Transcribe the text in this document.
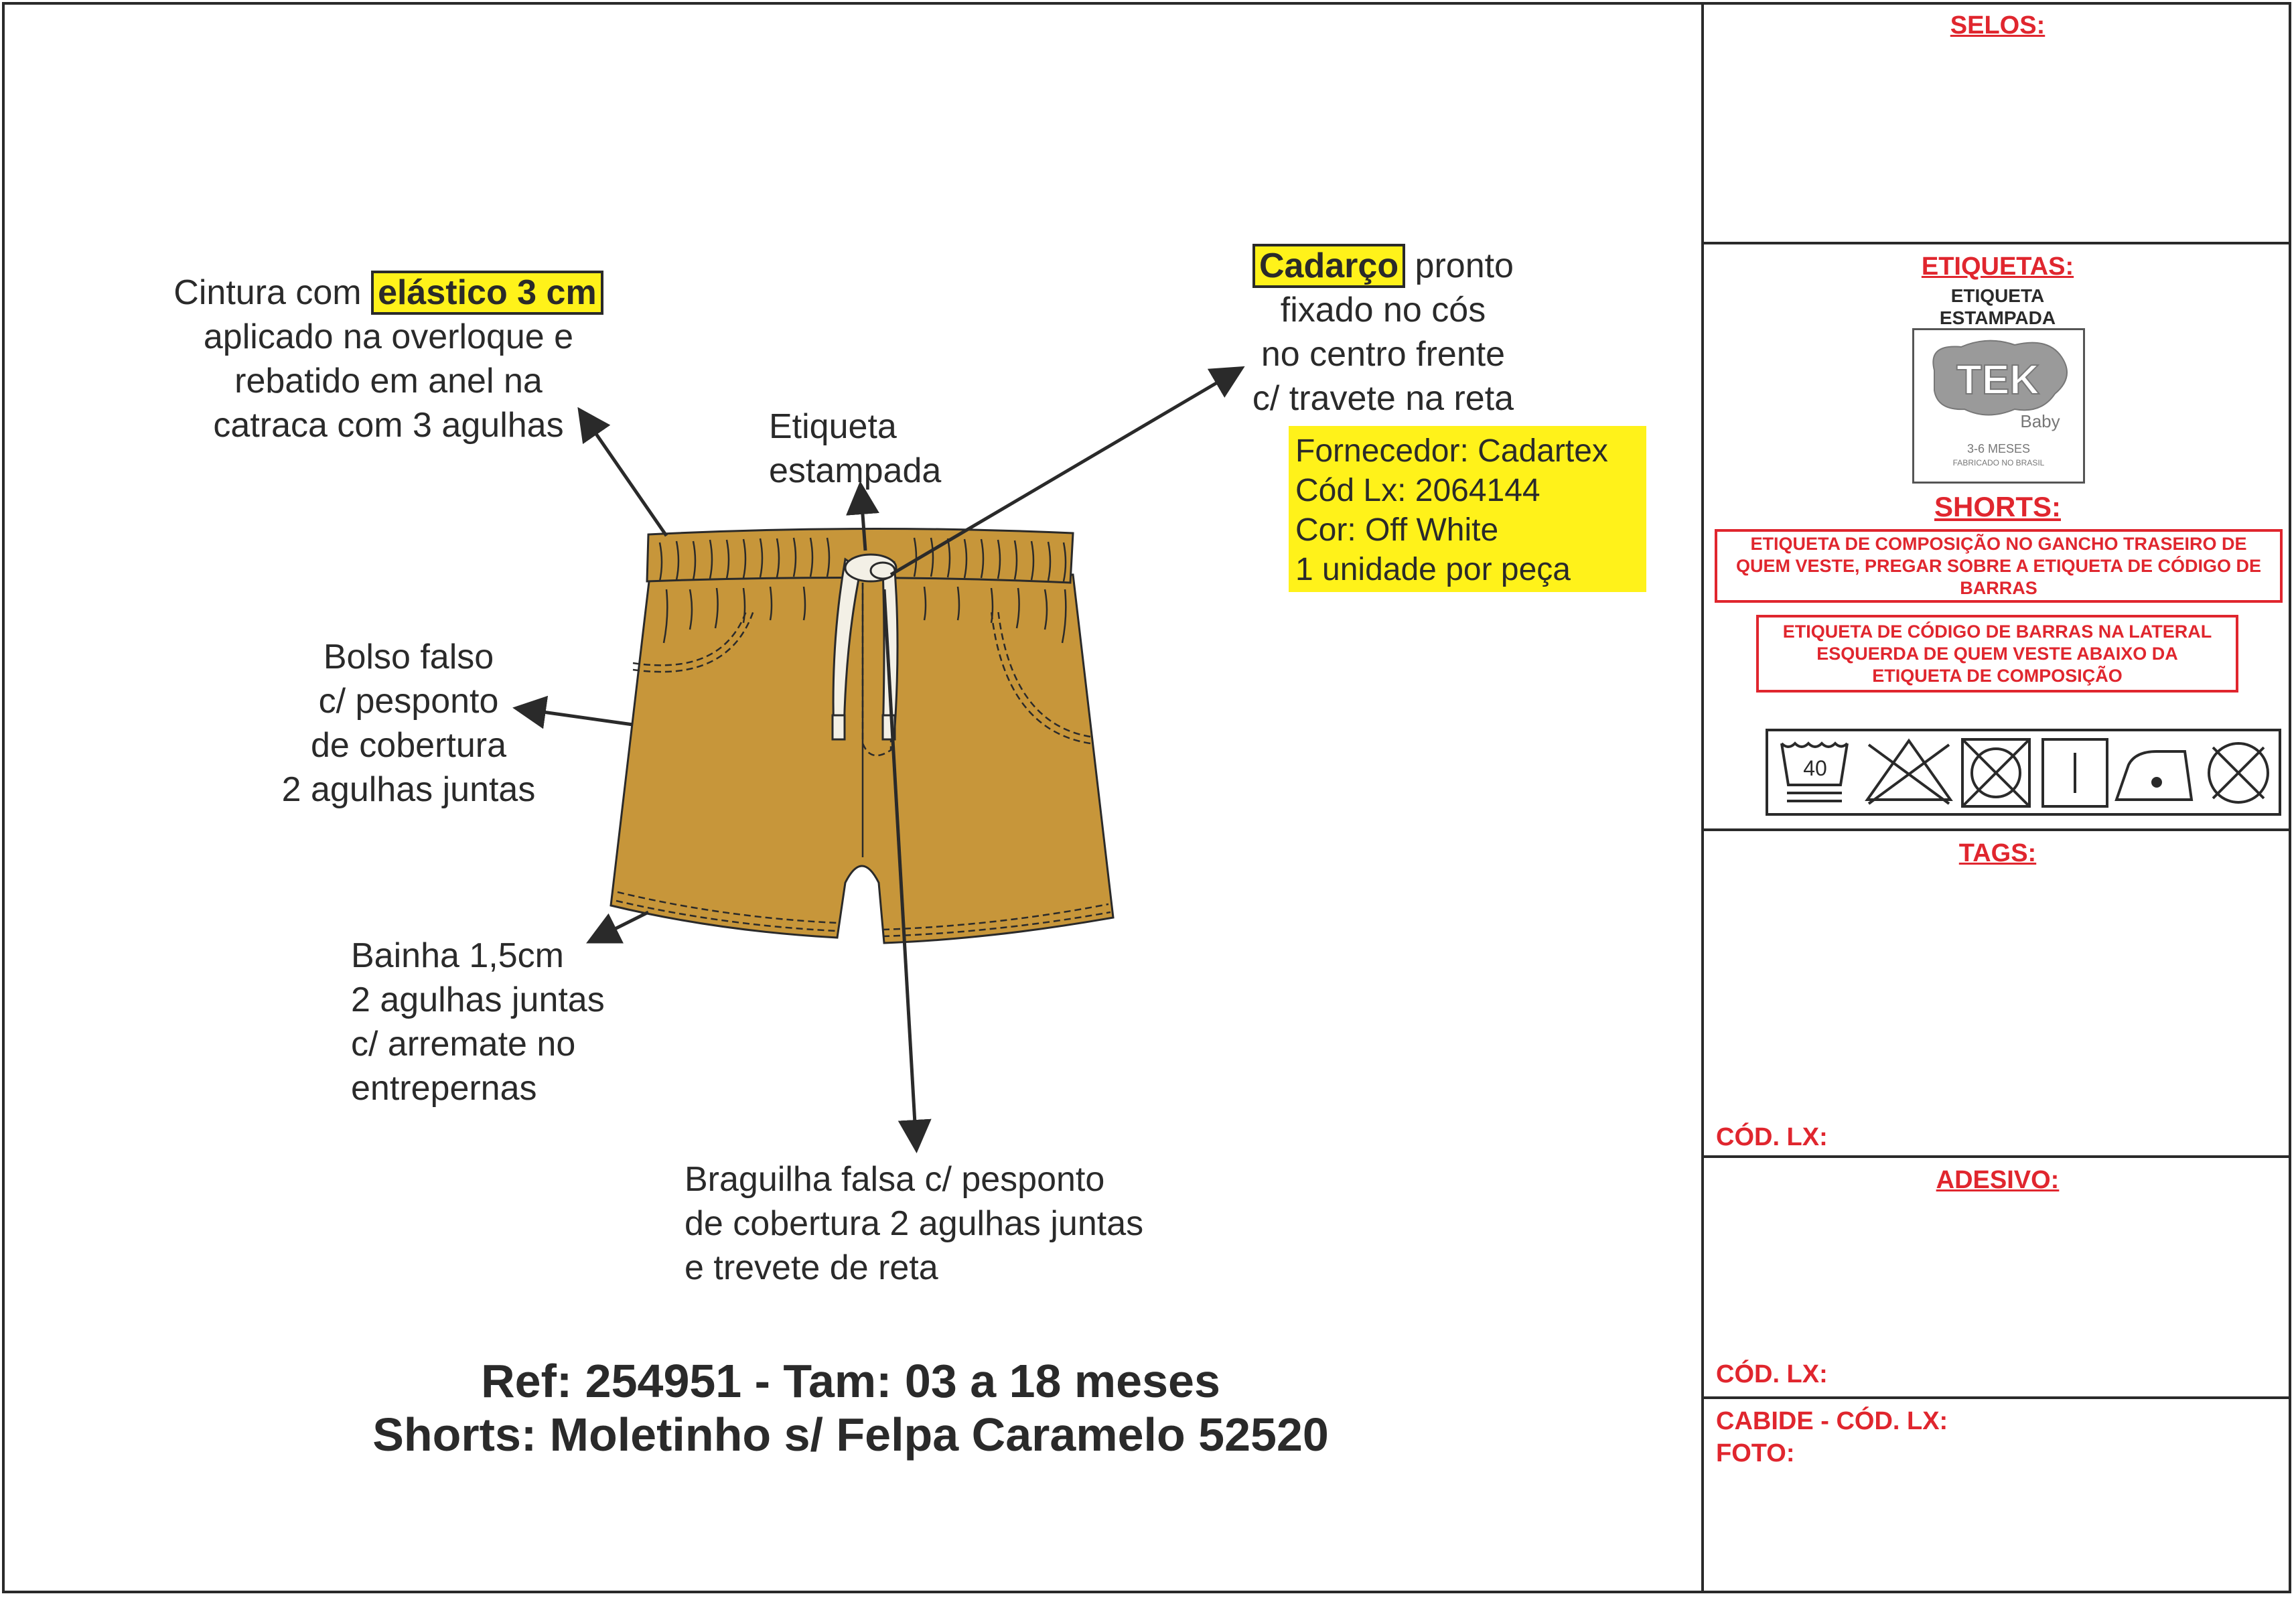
Cintura com elástico 3 cm
aplicado na overloque e
rebatido em anel na
catraca com 3 agulhas	Etiqueta
estampada
Cadarço pronto
fixado no cós
no centro frente
c/ travete na reta
Fornecedor: Cadartex
Cód Lx: 2064144
Cor: Off White
1 unidade por peça
Bolso falso
c/ pesponto
de cobertura
2 agulhas juntas
Bainha 1,5cm
2 agulhas juntas
c/ arremate no
entrepernas
Braguilha falsa c/ pesponto
de cobertura 2 agulhas juntas
e trevete de reta
Ref: 254951 - Tam: 03 a 18 meses
Shorts: Moletinho s/ Felpa Caramelo 52520
SELOS:
ETIQUETAS:
ETIQUETA
ESTAMPADA
SHORTS:
TAGS:
CÓD. LX:
ADESIVO:
CÓD. LX:
CABIDE - CÓD. LX:
FOTO:
TEK
Baby
3-6 MESES
FABRICADO NO BRASIL
ETIQUETA DE COMPOSIÇÃO NO GANCHO TRASEIRO DE QUEM VESTE, PREGAR SOBRE A ETIQUETA DE CÓDIGO DE BARRAS
ETIQUETA DE CÓDIGO DE BARRAS NA LATERAL ESQUERDA DE QUEM VESTE ABAIXO DA ETIQUETA DE COMPOSIÇÃO
40
